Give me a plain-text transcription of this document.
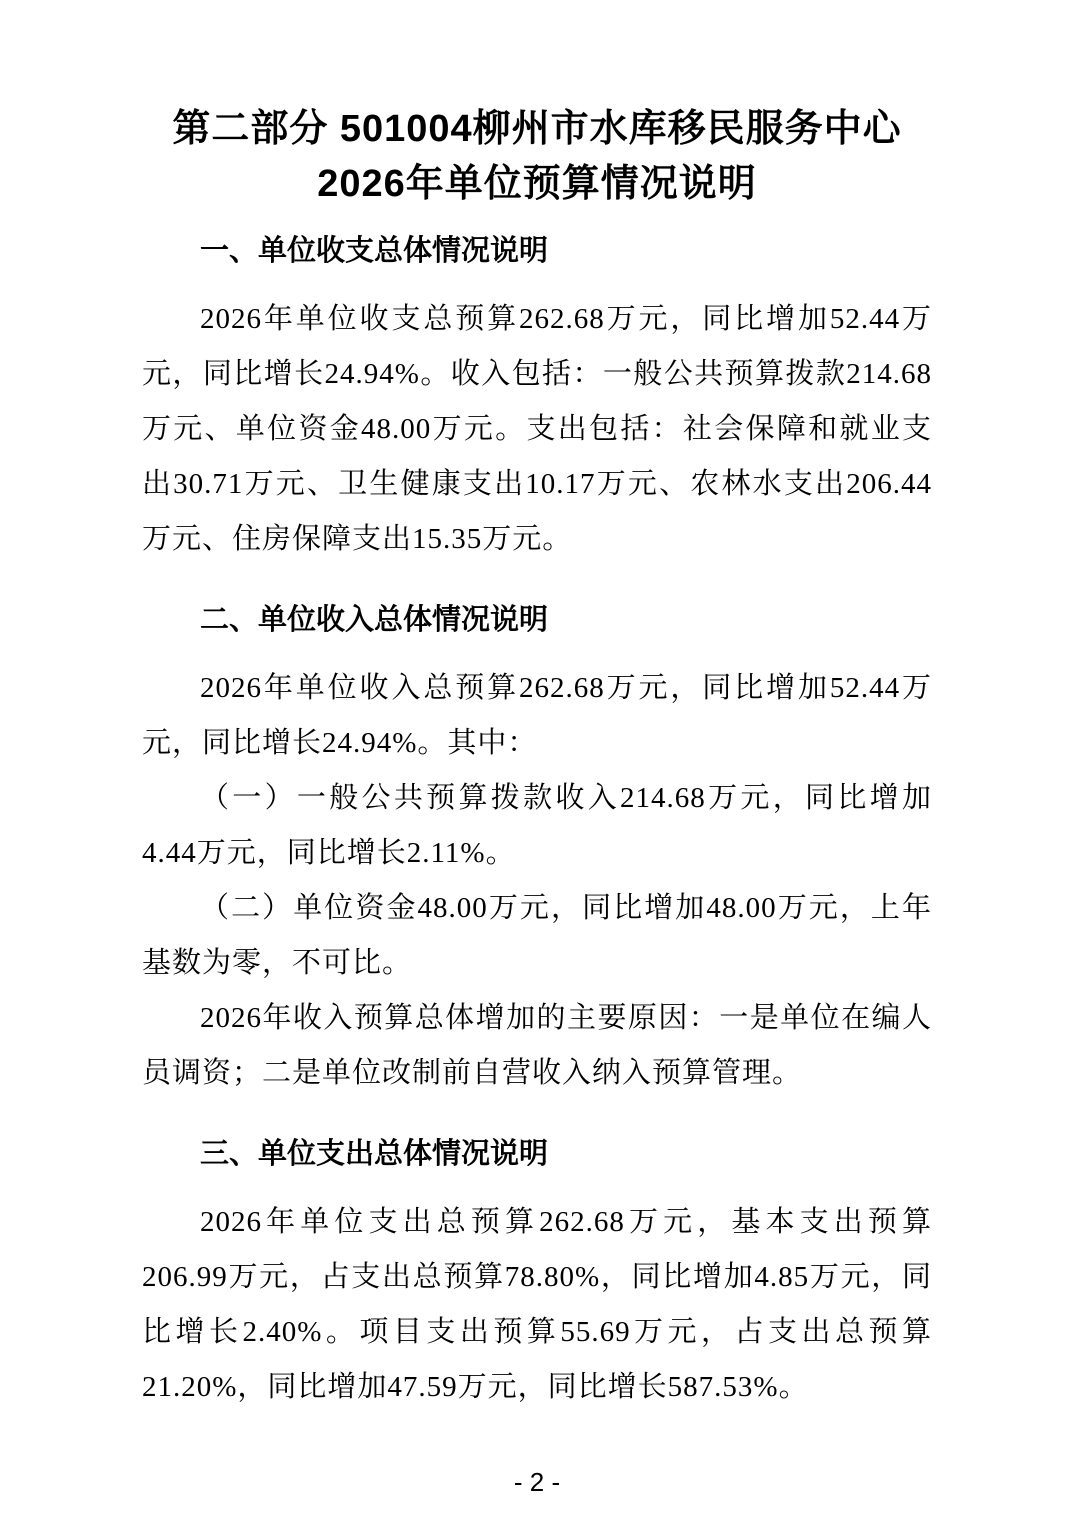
第二部分 501004柳州市水库移民服务中心
2026年单位预算情况说明
一、单位收支总体情况说明

2026年单位收支总预算262.68万元，同比增加52.44万元，同比增长24.94%。收入包括：一般公共预算拨款214.68万元、单位资金48.00万元。支出包括：社会保障和就业支出30.71万元、卫生健康支出10.17万元、农林水支出206.44万元、住房保障支出15.35万元。

二、单位收入总体情况说明

2026年单位收入总预算262.68万元，同比增加52.44万元，同比增长24.94%。其中：

（一）一般公共预算拨款收入214.68万元，同比增加4.44万元，同比增长2.11%。

（二）单位资金48.00万元，同比增加48.00万元，上年基数为零，不可比。

2026年收入预算总体增加的主要原因：一是单位在编人员调资；二是单位改制前自营收入纳入预算管理。

三、单位支出总体情况说明

2026年单位支出总预算262.68万元，基本支出预算206.99万元，占支出总预算78.80%，同比增加4.85万元，同比增长2.40%。项目支出预算55.69万元，占支出总预算21.20%，同比增加47.59万元，同比增长587.53%。

- 2 -
